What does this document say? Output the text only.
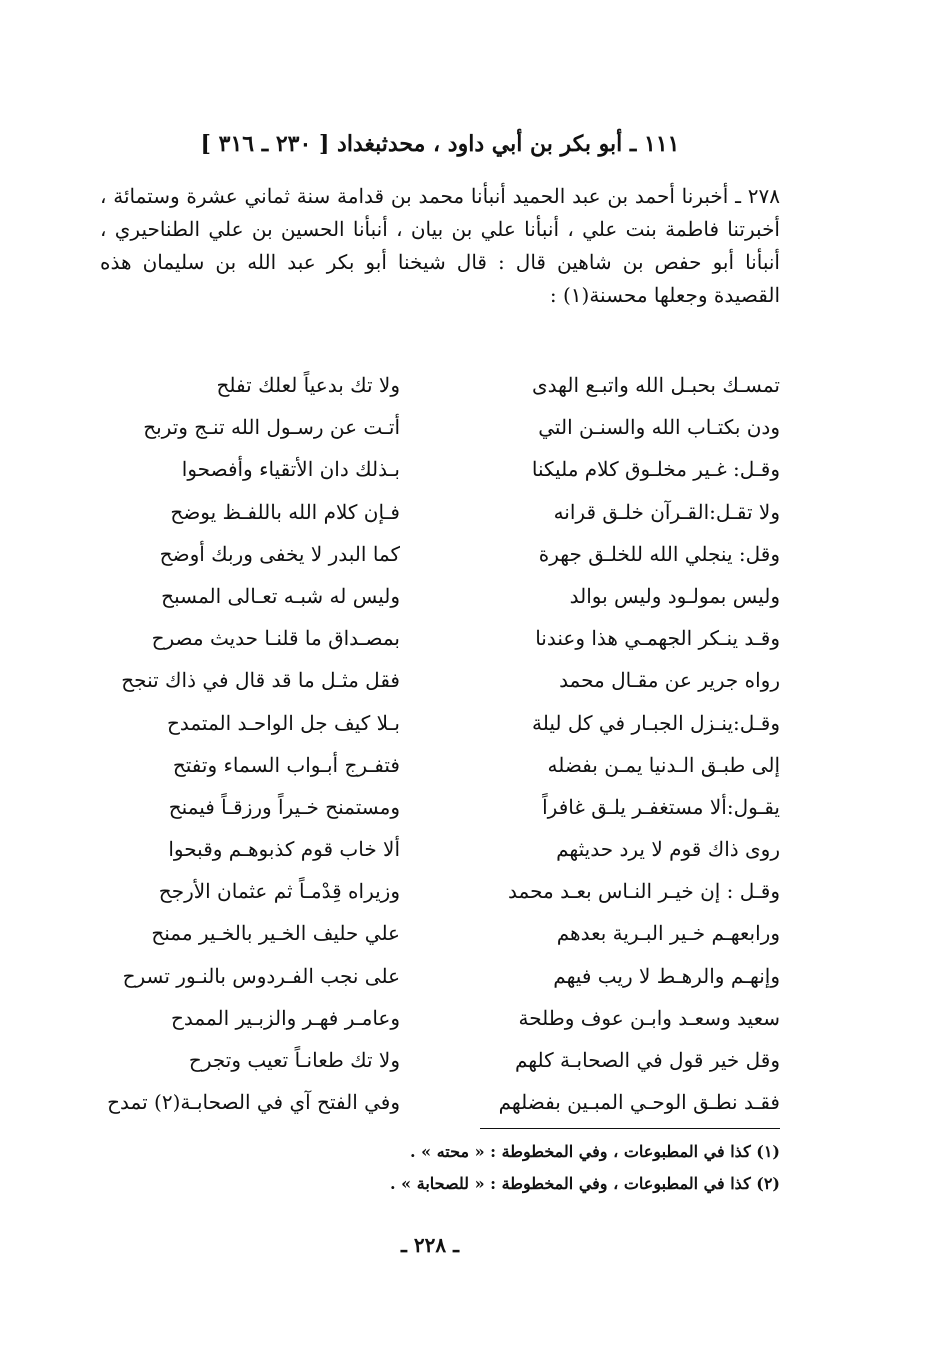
١١١ ـ أبو بكر بن أبي داود ، محدثبغداد [ ٢٣٠ ـ ٣١٦ ]

٢٧٨ ـ أخبرنا أحمد بن عبد الحميد أنبأنا محمد بن قدامة سنة ثماني عشرة وستمائة ، أخبرتنا فاطمة بنت علي ، أنبأنا علي بن بيان ، أنبأنا الحسين بن علي الطناحيري ، أنبأنا أبو حفص بن شاهين قال : قال شيخنا أبو بكر عبد الله بن سليمان هذه القصيدة وجعلها محسنة(١) :

تمسـك بحبـل الله واتبـع الهدى
ولا تك بدعياً لعلك تفلح
ودن بكتـاب الله والسنـن التي
أتـت عن رسـول الله تنـج وتربح
وقـل: غـير مخلـوق كلام مليكنا
بـذلك دان الأتقياء وأفصحوا
ولا تقـل:القـرآن خلـق قرانه
فـإن كلام الله باللفـظ يوضح
وقل: ينجلي الله للخلـق جهرة
كما البدر لا يخفى وربك أوضح
وليس بمولـود وليس بوالد
وليس له شبـه تعـالى المسبح
وقـد ينـكر الجهمـي هذا وعندنا
بمصـداق ما قلنـا حديث مصرح
رواه جرير عن مقـال محمد
فقل مثـل ما قد قال في ذاك تنجح
وقـل:ينـزل الجبـار في كل ليلة
بـلا كيف جل الواحـد المتمدح
إلى طبـق الـدنيا يمـن بفضله
فتفـرج أبـواب السماء وتفتح
يقـول:ألا مستغفـر يلـق غافراً
ومستمنح خـيراً ورزقـاً فيمنح
روى ذاك قوم لا يرد حديثهم
ألا خاب قوم كذبوهـم وقبحوا
وقـل : إن خيـر النـاس بعـد محمد
وزيراه قِدْمـاً ثم عثمان الأرجح
ورابعهـم خـير البـرية بعدهم
علي حليف الخـير بالخـير ممنح
وإنهـم والرهـط لا ريب فيهم
على نجب الفـردوس بالنـور تسرح
سعيد وسعـد وابـن عوف وطلحة
وعامـر فهـر والزبـير الممدح
وقل خير قول في الصحابـة كلهم
ولا تك طعانـاً تعيب وتجرح
فقـد نطـق الوحـي المبـين بفضلهم
وفي الفتح آي في الصحابـة(٢) تمدح
(١) كذا في المطبوعات ، وفي المخطوطة : « محته » .
(٢) كذا في المطبوعات ، وفي المخطوطة : « للصحابة » .
ـ ٢٢٨ ـ
